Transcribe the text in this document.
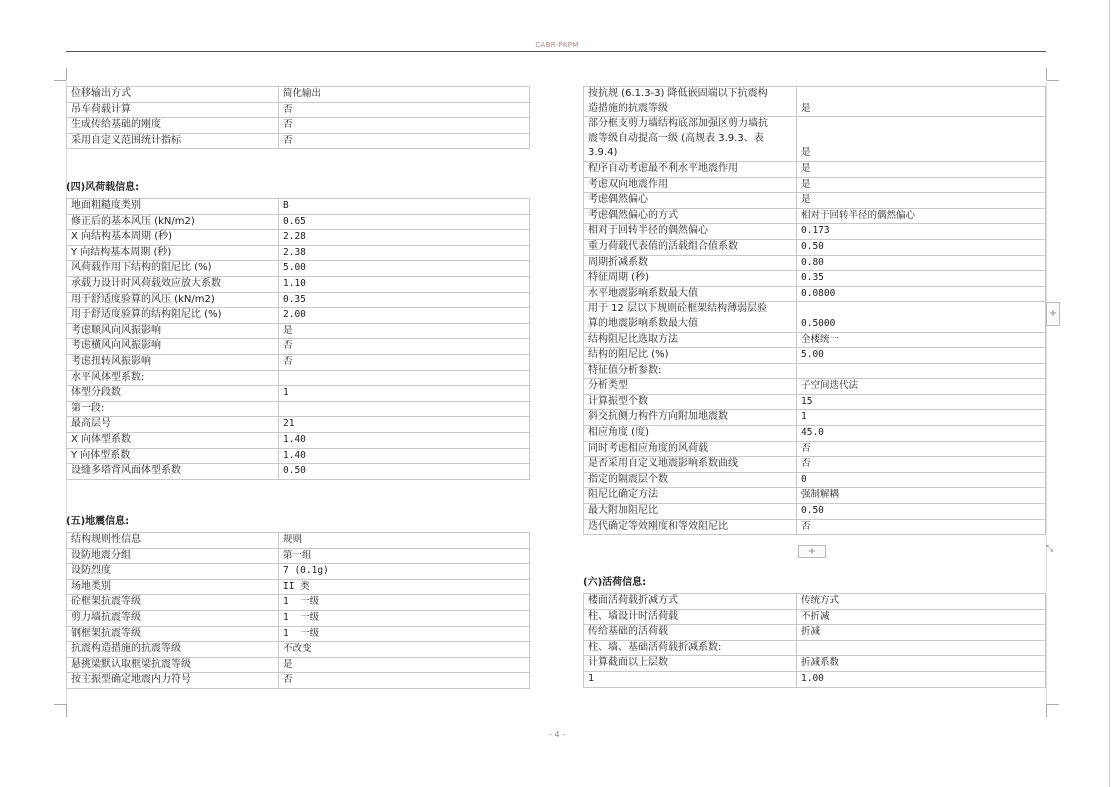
CABR-PKPM
位移输出方式	简化输出
吊车荷载计算	否
生成传给基础的刚度	否
采用自定义范围统计指标	否
(四)风荷载信息:
地面粗糙度类别	B
修正后的基本风压 (kN/m2)	0.65
X 向结构基本周期 (秒)	2.28
Y 向结构基本周期 (秒)	2.38
风荷载作用下结构的阻尼比 (%)	5.00
承载力设计时风荷载效应放大系数	1.10
用于舒适度验算的风压 (kN/m2)	0.35
用于舒适度验算的结构阻尼比 (%)	2.00
考虑顺风向风振影响	是
考虑横风向风振影响	否
考虑扭转风振影响	否
水平风体型系数:	
体型分段数	1
第一段:	
最高层号	21
X 向体型系数	1.40
Y 向体型系数	1.40
设缝多塔背风面体型系数	0.50
(五)地震信息:
结构规则性信息	规则
设防地震分组	第一组
设防烈度	7 (0.1g)
场地类别	II 类
砼框架抗震等级	1  一级
剪力墙抗震等级	1  一级
钢框架抗震等级	1  一级
抗震构造措施的抗震等级	不改变
悬挑梁默认取框梁抗震等级	是
按主振型确定地震内力符号	否
按抗规 (6.1.3-3) 降低嵌固端以下抗震构
造措施的抗震等级	是
部分框支剪力墙结构底部加强区剪力墙抗
震等级自动提高一级 (高规表 3.9.3、表
3.9.4)	是
程序自动考虑最不利水平地震作用	是
考虑双向地震作用	是
考虑偶然偏心	是
考虑偶然偏心的方式	相对于回转半径的偶然偏心
相对于回转半径的偶然偏心	0.173
重力荷载代表值的活载组合值系数	0.50
周期折减系数	0.80
特征周期 (秒)	0.35
水平地震影响系数最大值	0.0800
用于 12 层以下规则砼框架结构薄弱层验
算的地震影响系数最大值	0.5000
结构阻尼比选取方法	全楼统一
结构的阻尼比 (%)	5.00
特征值分析参数:	
分析类型	子空间迭代法
计算振型个数	15
斜交抗侧力构件方向附加地震数	1
相应角度 (度)	45.0
同时考虑相应角度的风荷载	否
是否采用自定义地震影响系数曲线	否
指定的隔震层个数	0
阻尼比确定方法	强制解耦
最大附加阻尼比	0.50
迭代确定等效刚度和等效阻尼比	否
+	⤡
+
(六)活荷信息:
楼面活荷载折减方式	传统方式
柱、墙设计时活荷载	不折减
传给基础的活荷载	折减
柱、墙、基础活荷载折减系数:	
计算截面以上层数	折减系数
1	1.00
- 4 -
